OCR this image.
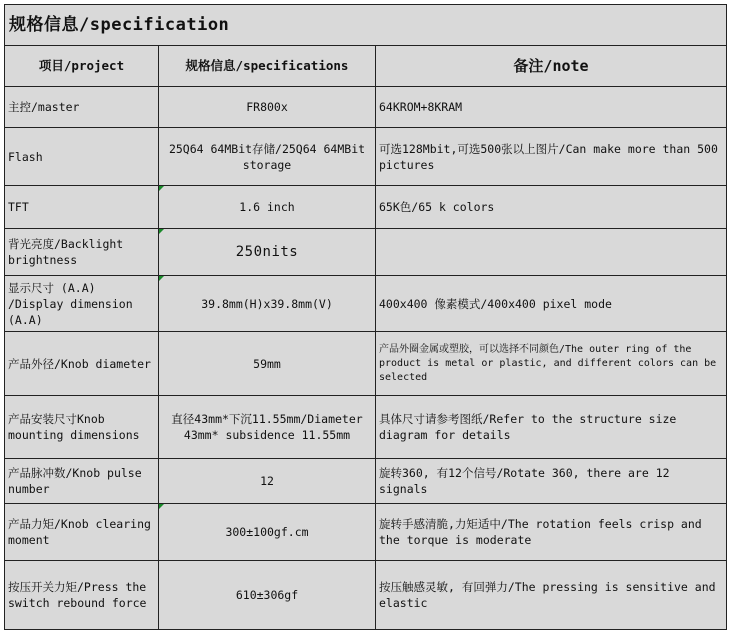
规格信息/specification		
项目/project	规格信息/specifications	备注/note
主控/master	FR800x	64KROM+8KRAM
Flash	25Q64 64MBit存储/25Q64 64MBit storage	可选128Mbit,可选500张以上图片/Can make more than 500 pictures
TFT	1.6 inch	65K色/65 k colors
背光亮度/Backlight brightness	250nits	
显示尺寸 (A.A) /Display dimension (A.A)	39.8mm(H)x39.8mm(V)	400x400 像素模式/400x400 pixel mode
产品外径/Knob diameter	59mm	产品外圈金属或塑胶，可以选择不同颜色/The outer ring of the product is metal or plastic, and different colors can be selected
产品安装尺寸Knob mounting dimensions	直径43mm*下沉11.55mm/Diameter 43mm* subsidence 11.55mm	具体尺寸请参考图纸/Refer to the structure size diagram for details
产品脉冲数/Knob pulse number	12	旋转360, 有12个信号/Rotate 360, there are 12 signals
产品力矩/Knob clearing moment	300±100gf.cm	旋转手感清脆,力矩适中/The rotation feels crisp and the torque is moderate
按压开关力矩/Press the switch rebound force	610±306gf	按压触感灵敏, 有回弹力/The pressing is sensitive and elastic
